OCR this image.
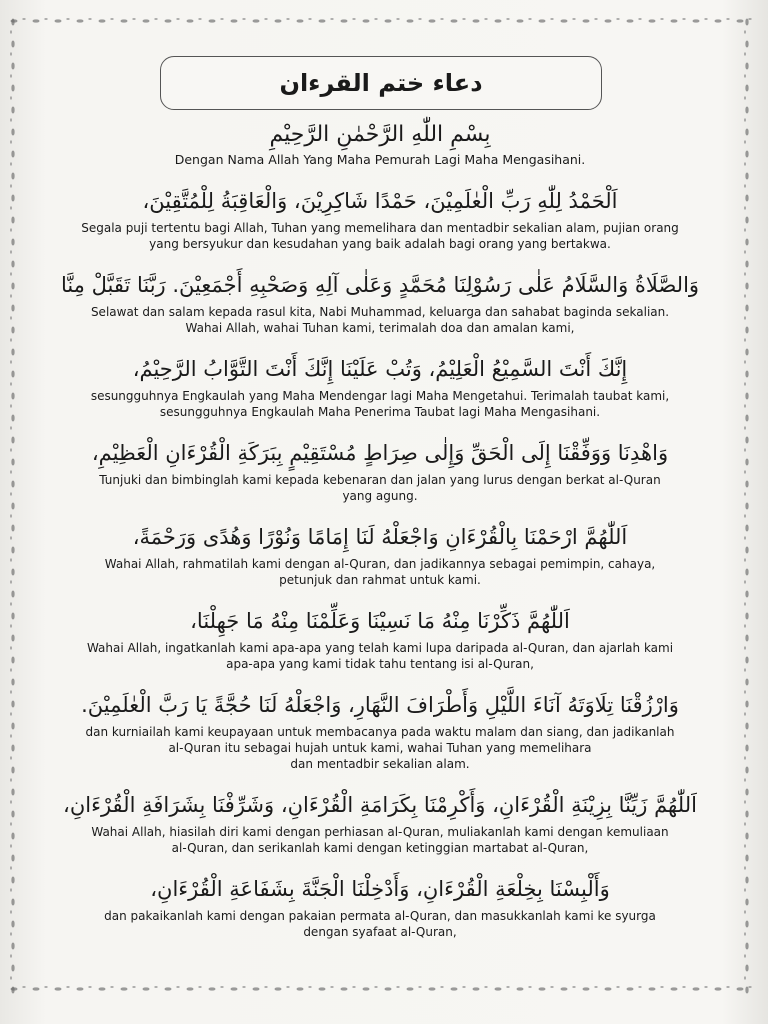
دعاء ختم القرءان

بِسْمِ اللّٰهِ الرَّحْمٰنِ الرَّحِيْمِ

Dengan Nama Allah Yang Maha Pemurah Lagi Maha Mengasihani.

اَلْحَمْدُ لِلّٰهِ رَبِّ الْعٰلَمِيْنَ، حَمْدًا شَاكِرِيْنَ، وَالْعَاقِبَةُ لِلْمُتَّقِيْنَ،

Segala puji tertentu bagi Allah, Tuhan yang memelihara dan mentadbir sekalian alam, pujian orang

yang bersyukur dan kesudahan yang baik adalah bagi orang yang bertakwa.

وَالصَّلَاةُ وَالسَّلَامُ عَلٰى رَسُوْلِنَا مُحَمَّدٍ وَعَلٰى آلِهِ وَصَحْبِهِ أَجْمَعِيْنَ. رَبَّنَا تَقَبَّلْ مِنَّا

Selawat dan salam kepada rasul kita, Nabi Muhammad, keluarga dan sahabat baginda sekalian.

Wahai Allah, wahai Tuhan kami, terimalah doa dan amalan kami,

إِنَّكَ أَنْتَ السَّمِيْعُ الْعَلِيْمُ، وَتُبْ عَلَيْنَا إِنَّكَ أَنْتَ التَّوَّابُ الرَّحِيْمُ،

sesungguhnya Engkaulah yang Maha Mendengar lagi Maha Mengetahui. Terimalah taubat kami,

sesungguhnya Engkaulah Maha Penerima Taubat lagi Maha Mengasihani.

وَاهْدِنَا وَوَفِّقْنَا إِلَى الْحَقِّ وَإِلٰى صِرَاطٍ مُسْتَقِيْمٍ بِبَرَكَةِ الْقُرْءَانِ الْعَظِيْمِ،

Tunjuki dan bimbinglah kami kepada kebenaran dan jalan yang lurus dengan berkat al-Quran

yang agung.

اَللّٰهُمَّ ارْحَمْنَا بِالْقُرْءَانِ وَاجْعَلْهُ لَنَا إِمَامًا وَنُوْرًا وَهُدًى وَرَحْمَةً،

Wahai Allah, rahmatilah kami dengan al-Quran, dan jadikannya sebagai pemimpin, cahaya,

petunjuk dan rahmat untuk kami.

اَللّٰهُمَّ ذَكِّرْنَا مِنْهُ مَا نَسِيْنَا وَعَلِّمْنَا مِنْهُ مَا جَهِلْنَا،

Wahai Allah, ingatkanlah kami apa-apa yang telah kami lupa daripada al-Quran, dan ajarlah kami

apa-apa yang kami tidak tahu tentang isi al-Quran,

وَارْزُقْنَا تِلَاوَتَهُ آنَاءَ اللَّيْلِ وَأَطْرَافَ النَّهَارِ، وَاجْعَلْهُ لَنَا حُجَّةً يَا رَبَّ الْعٰلَمِيْنَ.

dan kurniailah kami keupayaan untuk membacanya pada waktu malam dan siang, dan jadikanlah

al-Quran itu sebagai hujah untuk kami, wahai Tuhan yang memelihara

dan mentadbir sekalian alam.

اَللّٰهُمَّ زَيِّنَّا بِزِيْنَةِ الْقُرْءَانِ، وَأَكْرِمْنَا بِكَرَامَةِ الْقُرْءَانِ، وَشَرِّفْنَا بِشَرَافَةِ الْقُرْءَانِ،

Wahai Allah, hiasilah diri kami dengan perhiasan al-Quran, muliakanlah kami dengan kemuliaan

al-Quran, dan serikanlah kami dengan ketinggian martabat al-Quran,

وَأَلْبِسْنَا بِخِلْعَةِ الْقُرْءَانِ، وَأَدْخِلْنَا الْجَنَّةَ بِشَفَاعَةِ الْقُرْءَانِ،

dan pakaikanlah kami dengan pakaian permata al-Quran, dan masukkanlah kami ke syurga

dengan syafaat al-Quran,
